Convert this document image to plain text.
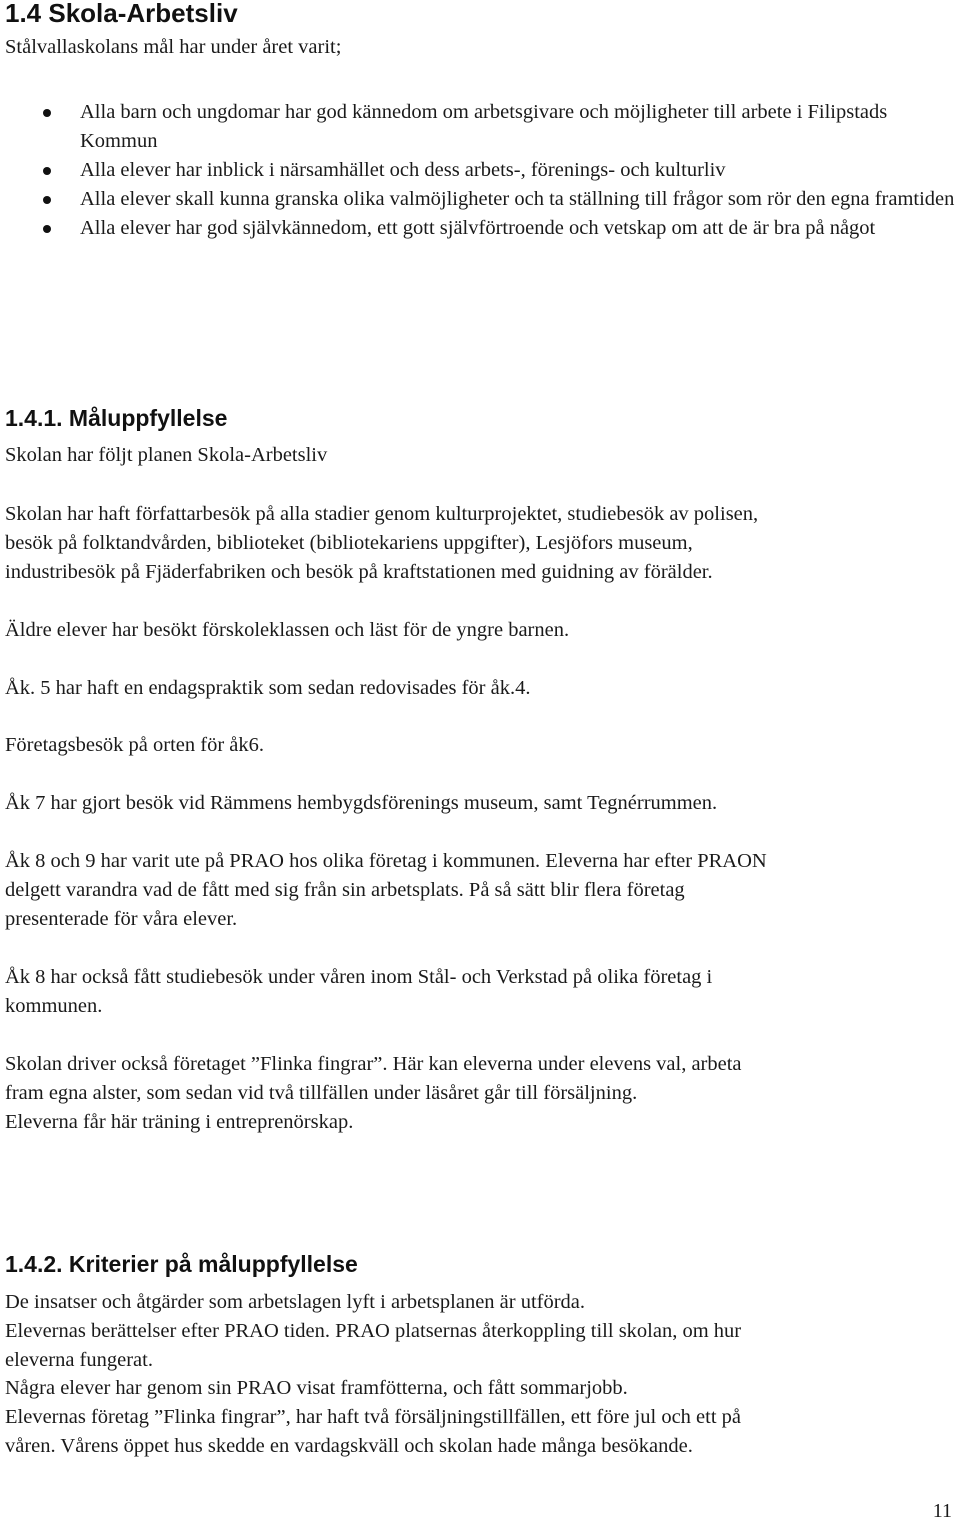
1.4 Skola-Arbetsliv

Stålvallaskolans mål har under året varit;

Alla barn och ungdomar har god kännedom om arbetsgivare och möjligheter till arbete i Filipstads Kommun
Alla elever har inblick i närsamhället och dess arbets-, förenings- och kulturliv
Alla elever skall kunna granska olika valmöjligheter och ta ställning till frågor som rör den egna framtiden
Alla elever har god självkännedom, ett gott självförtroende och vetskap om att de är bra på något
1.4.1. Måluppfyllelse

Skolan har följt planen Skola-Arbetsliv

Skolan har haft författarbesök på alla stadier genom kulturprojektet, studiebesök av polisen,

besök på folktandvården, biblioteket (bibliotekariens uppgifter), Lesjöfors museum,

industribesök på Fjäderfabriken och besök på kraftstationen med guidning av förälder.

Äldre elever har besökt förskoleklassen och läst för de yngre barnen.

Åk. 5 har haft en endagspraktik som sedan redovisades för åk.4.

Företagsbesök på orten för åk6.

Åk 7 har gjort besök vid Rämmens hembygdsförenings museum, samt Tegnérrummen.

Åk 8 och 9 har varit ute på PRAO hos olika företag i kommunen. Eleverna har efter PRAON

delgett varandra vad de fått med sig från sin arbetsplats. På så sätt blir flera företag

presenterade för våra elever.

Åk 8 har också fått studiebesök under våren inom Stål- och Verkstad på olika företag i

kommunen.

Skolan driver också företaget ”Flinka fingrar”. Här kan eleverna under elevens val, arbeta

fram egna alster, som sedan vid två tillfällen under läsåret går till försäljning.

Eleverna får här träning i entreprenörskap.

1.4.2. Kriterier på måluppfyllelse

De insatser och åtgärder som arbetslagen lyft i arbetsplanen är utförda.

Elevernas berättelser efter PRAO tiden. PRAO platsernas återkoppling till skolan, om hur

eleverna fungerat.

Några elever har genom sin PRAO visat framfötterna, och fått sommarjobb.

Elevernas företag ”Flinka fingrar”, har haft två försäljningstillfällen, ett före jul och ett på

våren. Vårens öppet hus skedde en vardagskväll och skolan hade många besökande.

11
